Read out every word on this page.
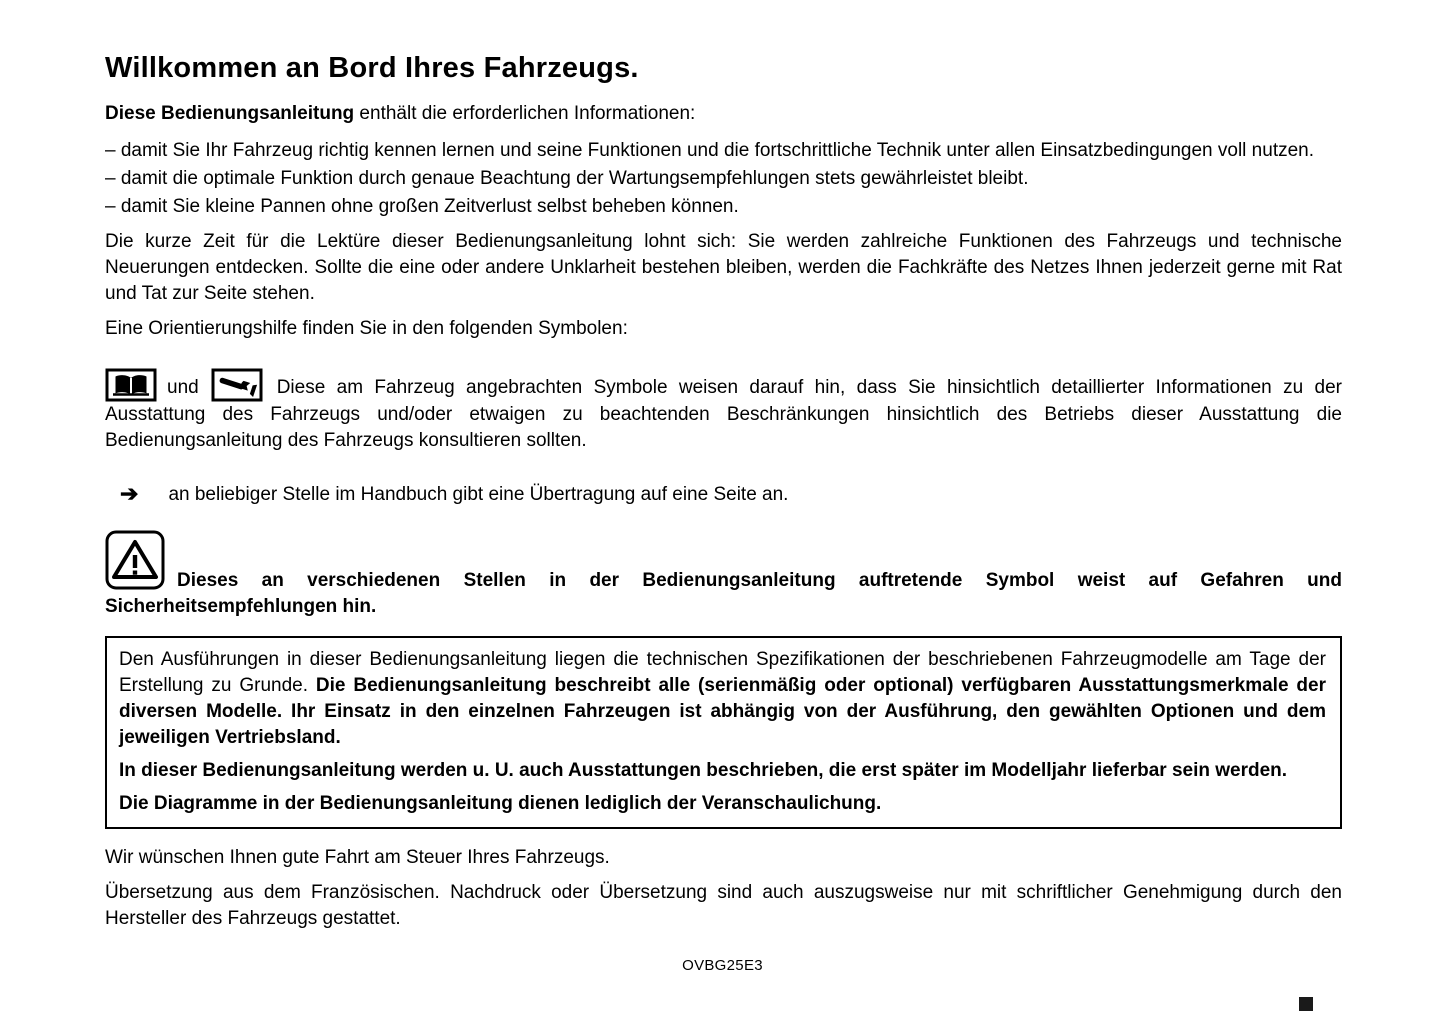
Willkommen an Bord Ihres Fahrzeugs.

Diese Bedienungsanleitung enthält die erforderlichen Informationen:

– damit Sie Ihr Fahrzeug richtig kennen lernen und seine Funktionen und die fortschrittliche Technik unter allen Einsatzbedingungen voll nutzen.
– damit die optimale Funktion durch genaue Beachtung der Wartungsempfehlungen stets gewährleistet bleibt.
– damit Sie kleine Pannen ohne großen Zeitverlust selbst beheben können.

Die kurze Zeit für die Lektüre dieser Bedienungsanleitung lohnt sich: Sie werden zahlreiche Funktionen des Fahrzeugs und technische Neuerungen entdecken. Sollte die eine oder andere Unklarheit bestehen bleiben, werden die Fachkräfte des Netzes Ihnen jederzeit gerne mit Rat und Tat zur Seite stehen.

Eine Orientierungshilfe finden Sie in den folgenden Symbolen:

und	Diese am Fahrzeug angebrachten Symbole weisen darauf hin, dass Sie hinsichtlich detaillierter Informationen zu der Ausstattung des Fahrzeugs und/oder etwaigen zu beachtenden Beschränkungen hinsichtlich des Betriebs dieser Ausstattung die Bedienungsanleitung des Fahrzeugs konsultieren sollten.

➔ an beliebiger Stelle im Handbuch gibt eine Übertragung auf eine Seite an.

Dieses an verschiedenen Stellen in der Bedienungsanleitung auftretende Symbol weist auf Gefahren und Sicherheitsempfehlungen hin.

Den Ausführungen in dieser Bedienungsanleitung liegen die technischen Spezifikationen der beschriebenen Fahrzeugmodelle am Tage der Erstellung zu Grunde. Die Bedienungsanleitung beschreibt alle (serienmäßig oder optional) verfügbaren Ausstattungsmerkmale der diversen Modelle. Ihr Einsatz in den einzelnen Fahrzeugen ist abhängig von der Ausführung, den gewählten Optionen und dem jeweiligen Vertriebsland.

In dieser Bedienungsanleitung werden u. U. auch Ausstattungen beschrieben, die erst später im Modelljahr lieferbar sein werden.

Die Diagramme in der Bedienungsanleitung dienen lediglich der Veranschaulichung.

Wir wünschen Ihnen gute Fahrt am Steuer Ihres Fahrzeugs.

Übersetzung aus dem Französischen. Nachdruck oder Übersetzung sind auch auszugsweise nur mit schriftlicher Genehmigung durch den Hersteller des Fahrzeugs gestattet.

OVBG25E3
